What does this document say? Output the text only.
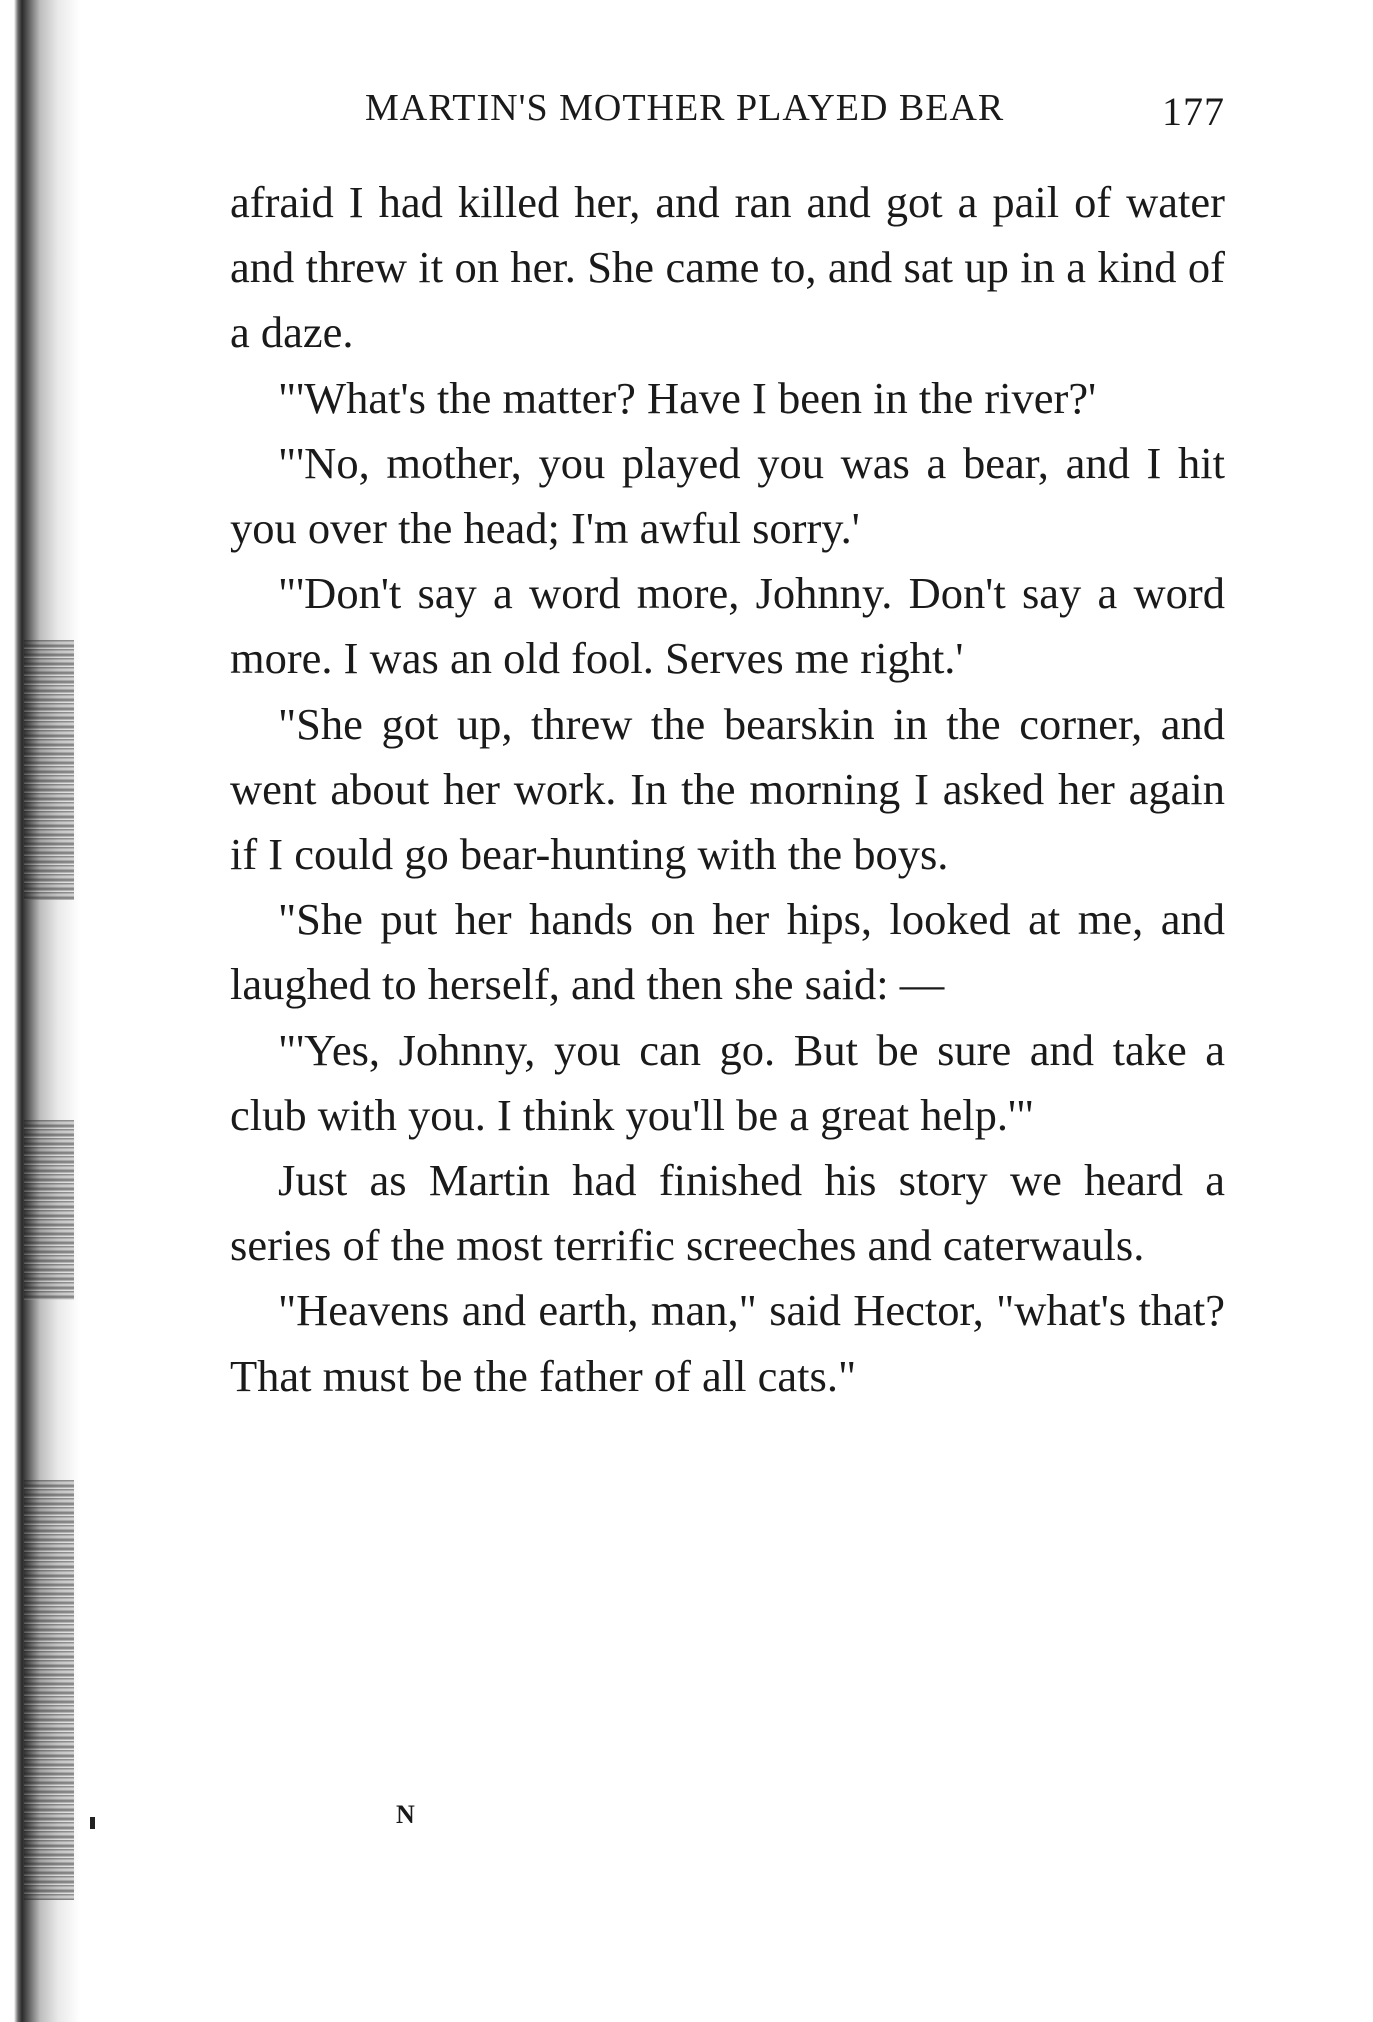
MARTIN'S MOTHER PLAYED BEAR	177

afraid I had killed her, and ran and got a pail of water and threw it on her. She came to, and sat up in a kind of a daze.

"'What's the matter? Have I been in the river?'

"'No, mother, you played you was a bear, and I hit you over the head; I'm awful sorry.'

"'Don't say a word more, Johnny. Don't say a word more. I was an old fool. Serves me right.'

"She got up, threw the bearskin in the corner, and went about her work. In the morning I asked her again if I could go bear-hunting with the boys.

"She put her hands on her hips, looked at me, and laughed to herself, and then she said: —

"'Yes, Johnny, you can go. But be sure and take a club with you. I think you'll be a great help.'"

Just as Martin had finished his story we heard a series of the most terrific screeches and caterwauls.

"Heavens and earth, man," said Hector, "what's that? That must be the father of all cats."

N
